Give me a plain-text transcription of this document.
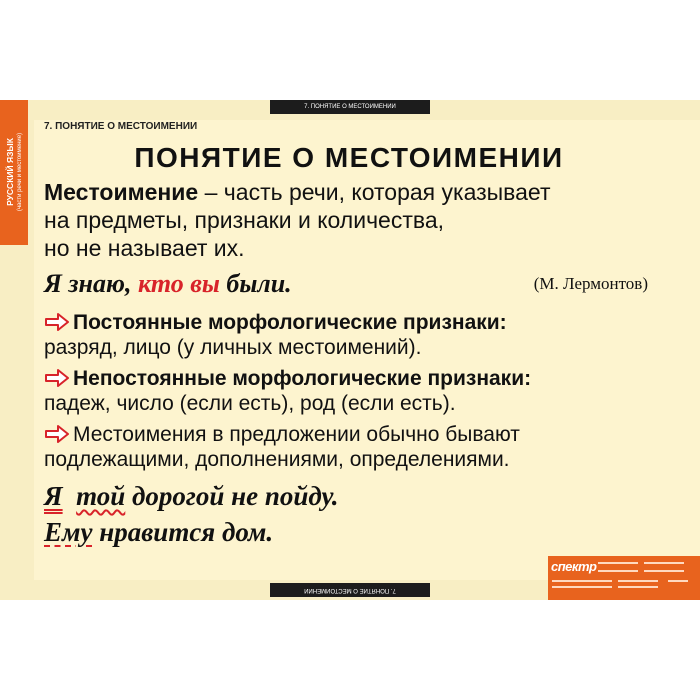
РУССКИЙ ЯЗЫК (части речи и местоимение)
7. ПОНЯТИЕ О МЕСТОИМЕНИИ
7. ПОНЯТИЕ О МЕСТОИМЕНИИ
7. ПОНЯТИЕ О МЕСТОИМЕНИИ
ПОНЯТИЕ О МЕСТОИМЕНИИ

Местоимение – часть речи, которая указывает
на предметы, признаки и количества,
но не называет их.

Я знаю, кто вы были.	(М. Лермонтов)
Постоянные морфологические признаки:
разряд, лицо (у личных местоимений).
Непостоянные морфологические признаки:
падеж, число (если есть), род (если есть).
Местоимения в предложении обычно бывают
подлежащими, дополнениями, определениями.
Я той дорогой не пойду.
Ему нравится дом.
спектр
